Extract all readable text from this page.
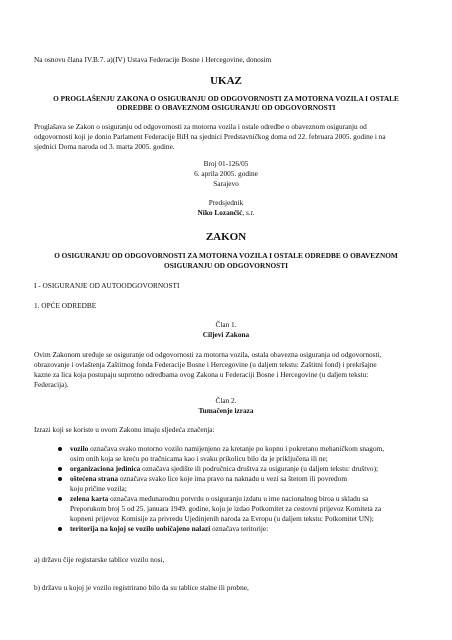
Na osnovu člana IV.B.7. a)(IV) Ustava Federacije Bosne i Hercegovine, donosim
UKAZ
O PROGLAŠENJU ZAKONA O OSIGURANJU OD ODGOVORNOSTI ZA MOTORNA VOZILA I OSTALE
ODREDBE O OBAVEZNOM OSIGURANJU OD ODGOVORNOSTI
Proglašava se Zakon o osiguranju od odgovornosti za motorna vozila i ostale odredbe o obaveznom osiguranju od
odgovornosti koji je donio Parlament Federacije BiH na sjednici Predstavničkog doma od 22. februara 2005. godine i na
sjednici Doma naroda od 3. marta 2005. godine.
Broj 01-126/05
6. aprila 2005. godine
Sarajevo
Predsjednik
Niko Lozančić, s.r.
ZAKON
O OSIGURANJU OD ODGOVORNOSTI ZA MOTORNA VOZILA I OSTALE ODREDBE O OBAVEZNOM
OSIGURANJU OD ODGOVORNOSTI
I - OSIGURANJE OD AUTOODGOVORNOSTI
1. OPĆE ODREDBE
Član 1.
Ciljevi Zakona
Ovim Zakonom uređuje se osiguranje od odgovornosti za motorna vozila, ostala obavezna osiguranja od odgovornosti,
obrazovanje i ovlaštenja Zaštitnog fonda Federacije Bosne i Hercegovine (u daljem tekstu: Zaštitni fond) i prekršajne
kazne za lica koja postupaju suprotno odredbama ovog Zakona u Federaciji Bosne i Hercegovine (u daljem tekstu:
Federacija).
Član 2.
Tumačenje izraza
Izrazi koji se koriste u ovom Zakonu imaju sljedeća značenja:
vozilo označava svako motorno vozilo namijenjeno za kretanje po kopnu i pokretano mehaničkom snagom,
osim onih koja se kreću po tračnicama kao i svaku prikolicu bilo da je priključena ili ne;
organizaciona jedinica označava sjedište ili područnica društva za osiguranje (u daljem tekstu: društvo);
oštećena strana označava svako lice koje ima pravo na naknadu u vezi sa štetom ili povredom
koju pričine vozila;
zelena karta označava međunarodnu potvrdu o osiguranju izdatu u ime nacionalnog biroa u skladu sa
Preporukom broj 5 od 25. januara 1949. godine, koju je izdao Potkomitet za cestovni prijevoz Komiteta za
kopneni prijevoz Komisije za privredu Ujedinjenih naroda za Evropu (u daljem tekstu: Potkomitet UN);
teritorija na kojoj se vozilo uobičajeno nalazi označava teritorije:
a) državu čije registarske tablice vozilo nosi,
b) državu u kojoj je vozilo registrirano bilo da su tablice stalne ili probne,
